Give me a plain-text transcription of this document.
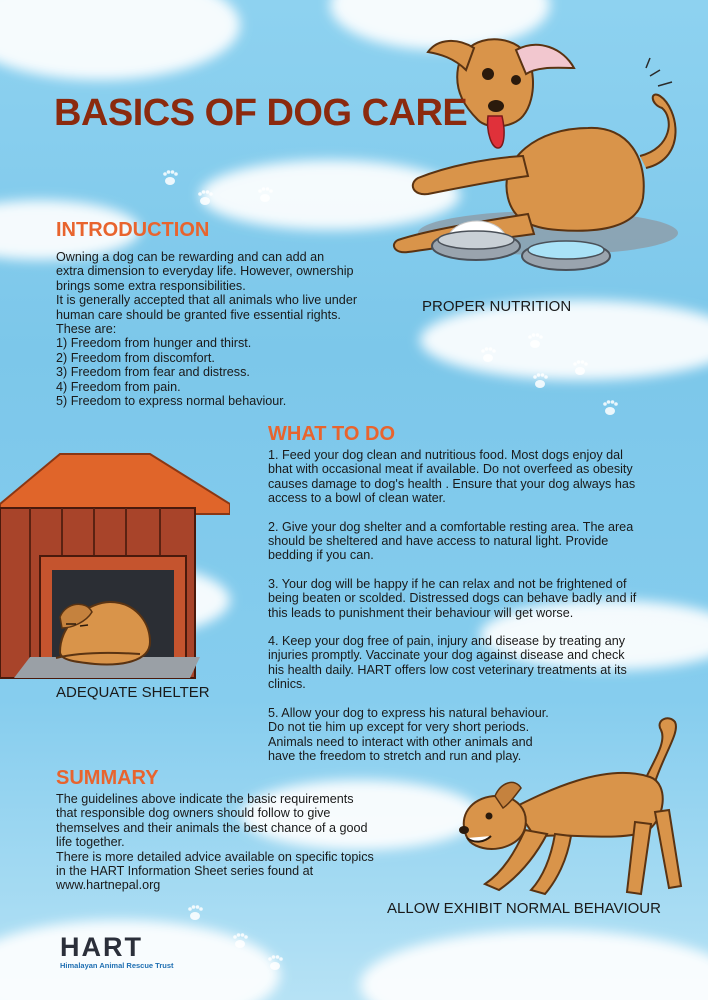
BASICS OF DOG CARE
INTRODUCTION

Owning a dog can be rewarding and can add an

extra dimension to everyday life. However, ownership

brings some extra responsibilities.

It is generally accepted that all animals who live under

human care should be granted five essential rights.

These are:

1) Freedom from hunger and thirst.

2) Freedom from discomfort.

3) Freedom from fear and distress.

4) Freedom from pain.

5) Freedom to express normal behaviour.

PROPER NUTRITION

WHAT TO DO

1. Feed your dog clean and nutritious food. Most dogs enjoy dal

bhat with occasional meat if available. Do not overfeed as obesity

causes damage to dog's health . Ensure that your dog always has

access to a bowl of clean water.

2. Give your dog shelter and a comfortable resting area. The area

should be sheltered and have access to natural light. Provide

bedding if you can.

3. Your dog will be happy if he can relax and not be frightened of

being beaten or scolded. Distressed dogs can behave badly and if

this leads to punishment their behaviour will get worse.

4. Keep your dog free of pain, injury and disease by treating any

injuries promptly. Vaccinate your dog against disease and check

his health daily. HART offers low cost veterinary treatments at its

clinics.

5. Allow your dog to express his natural behaviour.

Do not tie him up except for very short periods.

Animals need to interact with other animals and

have the freedom to stretch and run and play.

ADEQUATE SHELTER

SUMMARY

The guidelines above indicate the basic requirements

that responsible dog owners should follow to give

themselves and their animals the best chance of a good

life together.

There is more detailed advice available on specific topics

in the HART Information Sheet series found at

www.hartnepal.org

ALLOW EXHIBIT NORMAL BEHAVIOUR

HART
Himalayan Animal Rescue Trust
